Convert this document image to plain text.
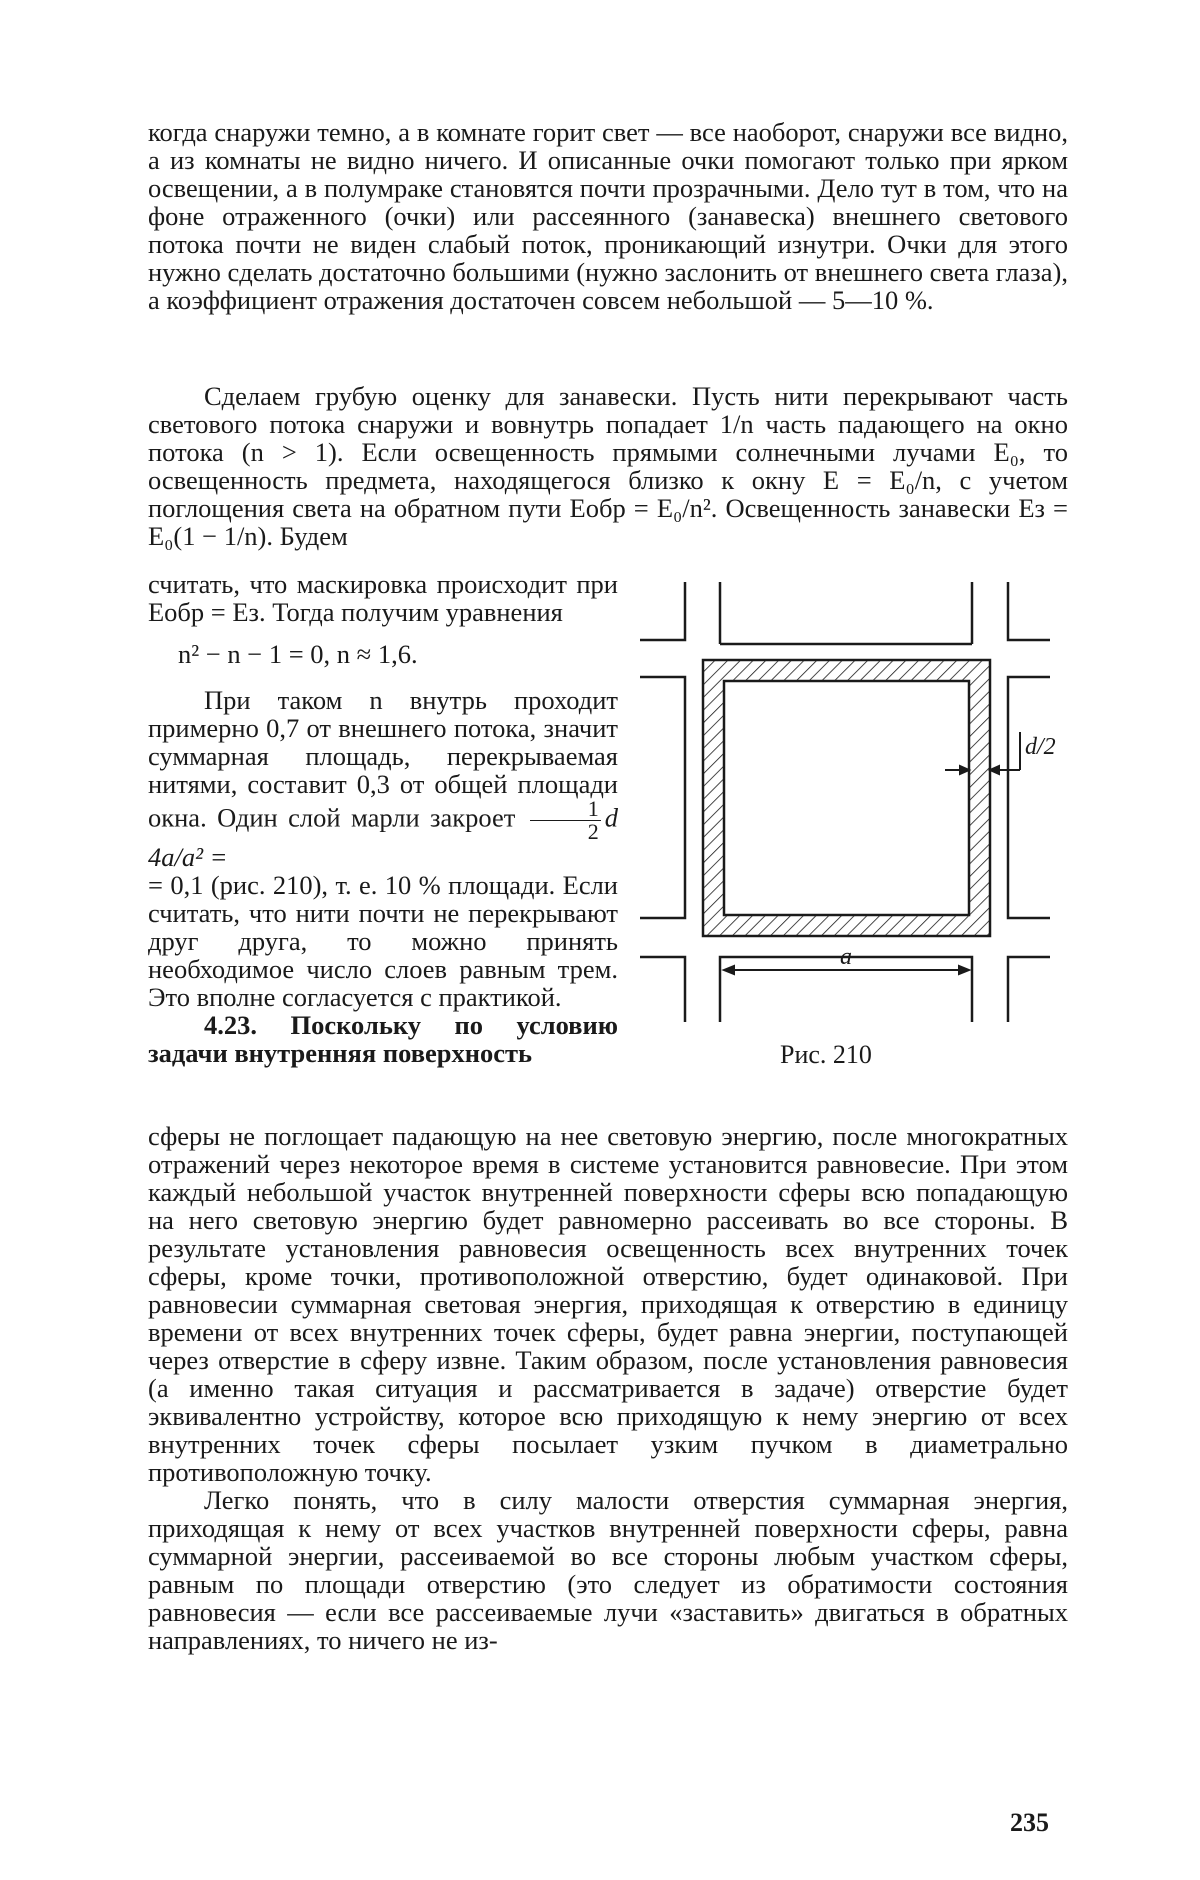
когда снаружи темно, а в комнате горит свет — все наоборот, снаружи все видно, а из комнаты не видно ничего. И описанные очки помогают только при ярком освещении, а в полумраке становятся почти прозрачными. Дело тут в том, что на фоне отраженного (очки) или рассеянного (занавеска) внешнего светового потока почти не виден слабый поток, проникающий изнутри. Очки для этого нужно сделать достаточно большими (нужно заслонить от внешнего света глаза), а коэффициент отражения достаточен совсем небольшой — 5—10 %.

Сделаем грубую оценку для занавески. Пусть нити перекрывают часть светового потока снаружи и вовнутрь попадает 1/n часть падающего на окно потока (n > 1). Если освещенность прямыми солнечными лучами E₀, то освещенность предмета, находящегося близко к окну E = E₀/n, с учетом поглощения света на обратном пути Eобр = E₀/n². Освещенность занавески Eз = E₀(1 − 1/n). Будем

считать, что маскировка происходит при Eобр = Eз. Тогда получим уравнения

n² − n − 1 = 0, n ≈ 1,6.

При таком n внутрь проходит примерно 0,7 от внешнего потока, значит суммарная площадь, перекрываемая нитями, составит 0,3 от общей площади окна. Один слой марли закроет $\frac{1}{2}$ d 4a/a² =

= 0,1 (рис. 210), т. е. 10 % площади. Если считать, что нити почти не перекрывают друг друга, то можно принять необходимое число слоев равным трем. Это вполне согласуется с практикой.

4.23. Поскольку по условию задачи внутренняя поверхность

сферы не поглощает падающую на нее световую энергию, после многократных отражений через некоторое время в системе установится равновесие. При этом каждый небольшой участок внутренней поверхности сферы всю попадающую на него световую энергию будет равномерно рассеивать во все стороны. В результате установления равновесия освещенность всех внутренних точек сферы, кроме точки, противоположной отверстию, будет одинаковой. При равновесии суммарная световая энергия, приходящая к отверстию в единицу времени от всех внутренних точек сферы, будет равна энергии, поступающей через отверстие в сферу извне. Таким образом, после установления равновесия (а именно такая ситуация и рассматривается в задаче) отверстие будет эквивалентно устройству, которое всю приходящую к нему энергию от всех внутренних точек сферы посылает узким пучком в диаметрально противоположную точку.

Легко понять, что в силу малости отверстия суммарная энергия, приходящая к нему от всех участков внутренней поверхности сферы, равна суммарной энергии, рассеиваемой во все стороны любым участком сферы, равным по площади отверстию (это следует из обратимости состояния равновесия — если все рассеиваемые лучи «заставить» двигаться в обратных направлениях, то ничего не из-

d/2
a
Рис. 210
235
